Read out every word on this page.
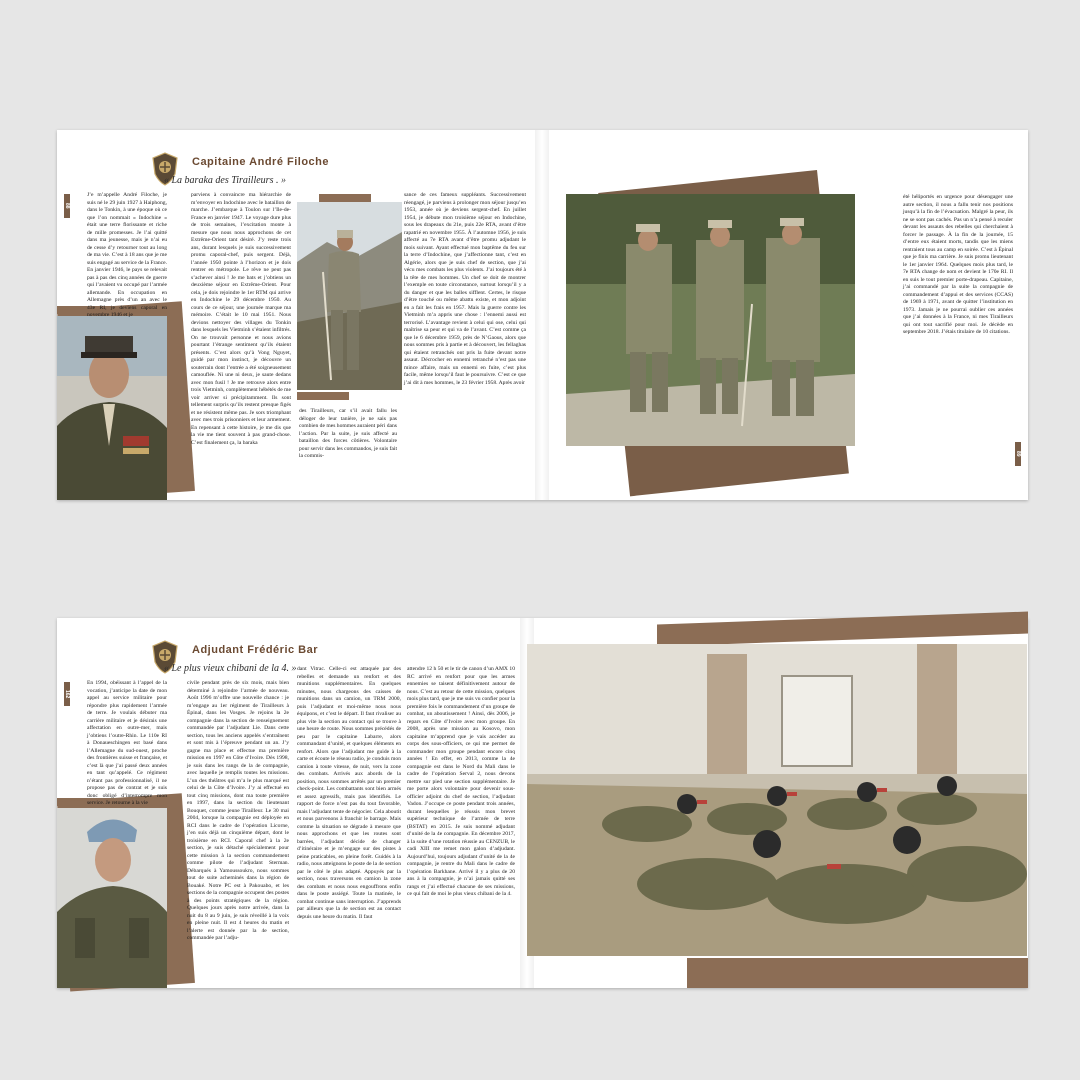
88
89
Capitaine André Filoche
« La baraka des Tirailleurs . »

J’e m’appelle André Filoche, je suis né le 29 juin 1927 à Haiphong, dans le Tonkin, à une époque où ce que l’on nommait « Indochine » était une terre florissante et riche de mille promesses. Je l’ai quitté dans ma jeunesse, mais je n’ai eu de cesse d’y retourner tout au long de ma vie. C’est à 18 ans que je me suis engagé au service de la France. En janvier 1946, le pays se relevait pas à pas des cinq années de guerre qui l’avaient vu occupé par l’armée allemande. En occupation en Allemagne près d’un an avec le 43e RI, je deviens caporal en novembre 1946 et je

parviens à convaincre ma hiérarchie de m’envoyer en Indochine avec le bataillon de marche. J’embarque à Toulon sur l’Ile-de-France en janvier 1947. Le voyage dure plus de trois semaines, l’excitation monte à mesure que nous nous approchons de cet Extrême-Orient tant désiré. J’y reste trois ans, durant lesquels je suis successivement promu caporal-chef, puis sergent. Déjà, l’année 1950 pointe à l’horizon et je dois rentrer en métropole. Le rêve ne peut pas s’achever ainsi ! Je me bats et j’obtiens un deuxième séjour en Extrême-Orient. Pour cela, je dois rejoindre le 1er RTM qui arrive en Indochine le 29 décembre 1950. Au cours de ce séjour, une journée marque ma mémoire. C’était le 10 mai 1951. Nous devions nettoyer des villages du Tonkin dans lesquels les Vietminh s’étaient infiltrés. On ne trouvait personne et nous avions pourtant l’étrange sentiment qu’ils étaient présents. C’est alors qu’à Vong Nguyet, guidé par mon instinct, je découvre un souterrain dont l’entrée a été soigneusement camouflée. Ni une ni deux, je saute dedans avec mon fusil ! Je me retrouve alors entre trois Vietminh, complètement hébétés de me voir arriver si précipitamment. Ils sont tellement surpris qu’ils restent presque figés et ne résistent même pas. Je sors triomphant avec mes trois prisonniers et leur armement. En repensant à cette histoire, je me dis que la vie me tient souvent à pas grand-chose. C’est finalement ça, la baraka

des Tirailleurs, car s’il avait fallu les déloger de leur tanière, je ne sais pas combien de mes hommes auraient péri dans l’action. Par la suite, je suis affecté au bataillon des forces côtières. Volontaire pour servir dans les commandos, je suis fait la commis-

sance de ces fameux suppléants. Successivement réengagé, je parviens à prolonger mon séjour jusqu’en 1953, année où je deviens sergent-chef. En juillet 1954, je débute mon troisième séjour en Indochine, sous les drapeaux du 21e, puis 22e RTA, avant d’être rapatrié en novembre 1955. À l’automne 1956, je suis affecté au 7e RTA avant d’être promu adjudant le mois suivant. Ayant effectué mon baptême du feu sur la terre d’Indochine, que j’affectionne tant, c’est en Algérie, alors que je suis chef de section, que j’ai vécu mes combats les plus violents. J’ai toujours été à la tête de mes hommes. Un chef se doit de montrer l’exemple en toute circonstance, surtout lorsqu’il y a du danger et que les balles sifflent. Certes, le risque d’être touché ou même abattu existe, et mon adjoint en a fait les frais en 1957. Mais la guerre contre les Vietminh m’a appris une chose : l’ennemi aussi est terrorisé. L’avantage revient à celui qui ose, celui qui maîtrise sa peur et qui va de l’avant. C’est comme ça que le 6 décembre 1959, près de N’Gaous, alors que nous sommes pris à partie et à découvert, les fellaghas qui étaient retranchés ont pris la fuite devant notre assaut. Décrocher en ennemi retranché n’est pas une mince affaire, mais un ennemi en fuite, c’est plus facile, même lorsqu’il faut le poursuivre. C’est ce que j’ai dit à mes hommes, le 23 février 1958. Après avoir

été héliportés en urgence pour désengager une autre section, il nous a fallu tenir nos positions jusqu’à la fin de l’évacuation. Malgré la peur, ils ne se sont pas cachés. Pas un n’a pensé à reculer devant les assauts des rebelles qui cherchaient à forcer le passage. À la fin de la journée, 15 d’entre eux étaient morts, tandis que les miens rentraient tous au camp en soirée. C’est à Épinal que je finis ma carrière. Je suis promu lieutenant le 1er janvier 1964. Quelques mois plus tard, le 7e RTA change de nom et devient le 170e RI. Il en suis le tout premier porte-drapeau. Capitaine, j’ai commandé par la suite la compagnie de commandement d’appui et des services (CCAS) de 1969 à 1971, avant de quitter l’institution en 1973. Jamais je ne pourrai oublier ces années que j’ai données à la France, ni mes Tirailleurs qui ont tout sacrifié pour moi. Je décède en septembre 2018. J’étais titulaire de 10 citations.

162
Adjudant Frédéric Bar
« Le plus vieux chibani de la 4. »

En 1994, obéissant à l’appel de la vocation, j’anticipe la date de mon appel au service militaire pour répondre plus rapidement l’armée de terre. Je voulais débuter ma carrière militaire et je désirais une affectation en outre-mer, mais j’obtiens l’outre-Rhin. Le 110e RI à Donaueschingen est basé dans l’Allemagne du sud-ouest, proche des frontières suisse et française, et c’est là que j’ai passé deux années en tant qu’appelé. Ce régiment n’étant pas professionnalisé, il ne propose pas de contrat et je suis donc obligé d’interrompre mon service. Je retourne à la vie

civile pendant près de six mois, mais bien déterminé à rejoindre l’armée de nouveau. Août 1996 m’offre une nouvelle chance : je m’engage au 1er régiment de Tirailleurs à Épinal, dans les Vosges. Je rejoins la 2e compagnie dans la section de renseignement commandée par l’adjudant Lie. Dans cette section, tous les anciens appelés s’entraînent et sont mis à l’épreuve pendant un an. J’y gagne ma place et effectue ma première mission en 1997 en Côte d’Ivoire. Dès 1998, je suis dans les rangs de la 4e compagnie, avec laquelle je remplis toutes les missions. L’un des théâtres qui m’a le plus marqué est celui de la Côte d’Ivoire. J’y ai effectué en tout cinq missions, dont ma toute première en 1997, dans la section du lieutenant Bouquet, comme jeune Tirailleur. Le 30 mai 2004, lorsque la compagnie est déployée en RCI dans le cadre de l’opération Licorne, j’en suis déjà un cinquième départ, dont le troisième en RCI. Caporal chef à la 2e section, je suis détaché spécialement pour cette mission à la section commandement comme pilote de l’adjudant Sterman. Débarqués à Yamoussoukro, nous sommes tout de suite acheminés dans la région de Bouaké. Notre PC est à Pakouabo, et les sections de la compagnie occupent des postes à des points stratégiques de la région. Quelques jours après notre arrivée, dans la nuit du 8 au 9 juin, je suis réveillé à la voix en pleine nuit. Il est 4 heures du matin et l’alerte est donnée par la 4e section, commandée par l’adju-

dant Vitrac. Celle-ci est attaquée par des rebelles et demande un renfort et des munitions supplémentaires. En quelques minutes, nous chargeons des caisses de munitions dans un camion, un TRM 2000, puis l’adjudant et moi-même nous nous équipons, et c’est le départ. Il faut rivaliser au plus vite la section au contact qui se trouve à une heure de route. Nous sommes précédés de peu par le capitaine Labarre, alors commandant d’unité, et quelques éléments en renfort. Alors que l’adjudant me guide à la carte et écoute le réseau radio, je conduis mon camion à toute vitesse, de nuit, vers la zone des combats. Arrivés aux abords de la position, nous sommes arrêtés par un premier check-point. Les combattants sont bien armés et assez agressifs, mais pas identifiés. Le rapport de force n’est pas du tout favorable, mais l’adjudant tente de négocier. Cela aboutit et nous parvenons à franchir le barrage. Mais comme la situation se dégrade à mesure que nous approchons et que les routes sont barrées, l’adjudant décide de changer d’itinéraire et je m’engage sur des pistes à peine praticables, en pleine forêt. Guidés à la radio, nous atteignons le poste de la 4e section par le côté le plus adapté. Appuyés par la section, nous traversons en camion la zone des combats et nous nous engouffrons enfin dans le poste assiégé. Toute la matinée, le combat continue sans interruption. J’apprends par ailleurs que la 4e section est au contact depuis une heure du matin. Il faut

attendre 12 h 50 et le tir de canon d’un AMX 10 RC arrivé en renfort pour que les armes ennemies se taisent définitivement autour de nous. C’est au retour de cette mission, quelques mois plus tard, que je me suis vu confier pour la première fois le commandement d’un groupe de combat, un aboutissement ! Ainsi, dès 2006, je repars en Côte d’Ivoire avec mon groupe. En 2008, après une mission au Kosovo, mon capitaine m’apprend que je vais accéder au corps des sous-officiers, ce qui me permet de commander mon groupe pendant encore cinq années ! En effet, en 2013, comme la 4e compagnie est dans le Nord du Mali dans le cadre de l’opération Serval 2, nous devons mettre sur pied une section supplémentaire. Je me porte alors volontaire pour devenir sous-officier adjoint du chef de section, l’adjudant Vadon. J’occupe ce poste pendant trois années, durant lesquelles je réussis mon brevet supérieur technique de l’armée de terre (BSTAT) en 2015. Je suis nommé adjudant d’unité de la 4e compagnie. En décembre 2017, à la suite d’une rotation réussie au CENZUB, le cadi XIII me remet mon galon d’adjudant. Aujourd’hui, toujours adjudant d’unité de la 4e compagnie, je rentre du Mali dans le cadre de l’opération Barkhane. Arrivé il y a plus de 20 ans à la compagnie, je n’ai jamais quitté ses rangs et j’ai effectué chacune de ses missions, ce qui fait de moi le plus vieux chibani de la 4.
